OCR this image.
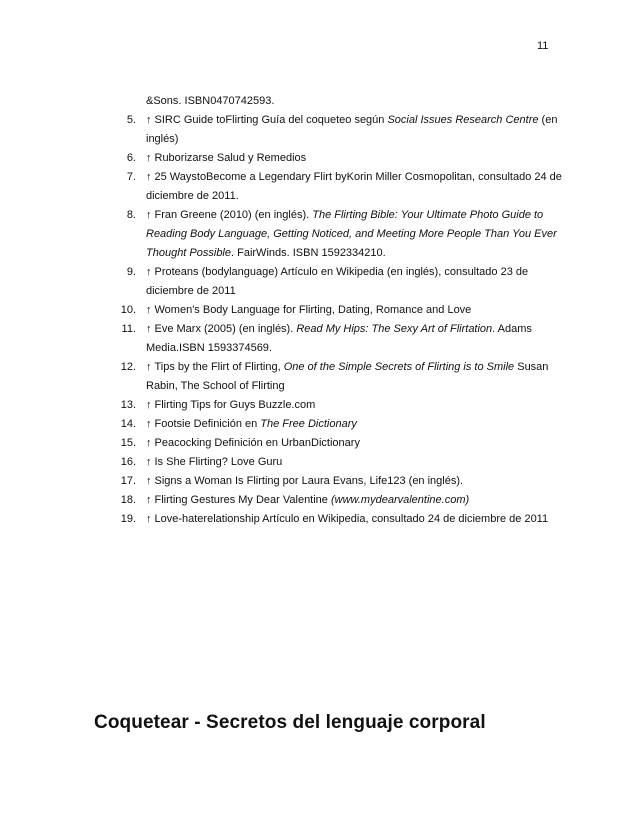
11
&Sons. ISBN0470742593.
5. ↑ SIRC Guide toFlirting Guía del coqueteo según Social Issues Research Centre (en inglés)
6. ↑ Ruborizarse Salud y Remedios
7. ↑ 25 WaystoBecome a Legendary Flirt byKorin Miller Cosmopolitan, consultado 24 de diciembre de 2011.
8. ↑ Fran Greene (2010) (en inglés). The Flirting Bible: Your Ultimate Photo Guide to Reading Body Language, Getting Noticed, and Meeting More People Than You Ever Thought Possible. FairWinds. ISBN 1592334210.
9. ↑ Proteans (bodylanguage) Artículo en Wikipedia (en inglés), consultado 23 de diciembre de 2011
10. ↑ Women's Body Language for Flirting, Dating, Romance and Love
11. ↑ Eve Marx (2005) (en inglés). Read My Hips: The Sexy Art of Flirtation. Adams Media.ISBN 1593374569.
12. ↑ Tips by the Flirt of Flirting, One of the Simple Secrets of Flirting is to Smile Susan Rabin, The School of Flirting
13. ↑ Flirting Tips for Guys Buzzle.com
14. ↑ Footsie Definición en The Free Dictionary
15. ↑ Peacocking Definición en UrbanDictionary
16. ↑ Is She Flirting? Love Guru
17. ↑ Signs a Woman Is Flirting por Laura Evans, Life123 (en inglés).
18. ↑ Flirting Gestures My Dear Valentine (www.mydearvalentine.com)
19. ↑ Love-haterelationship Artículo en Wikipedia, consultado 24 de diciembre de 2011
Coquetear - Secretos del lenguaje corporal
